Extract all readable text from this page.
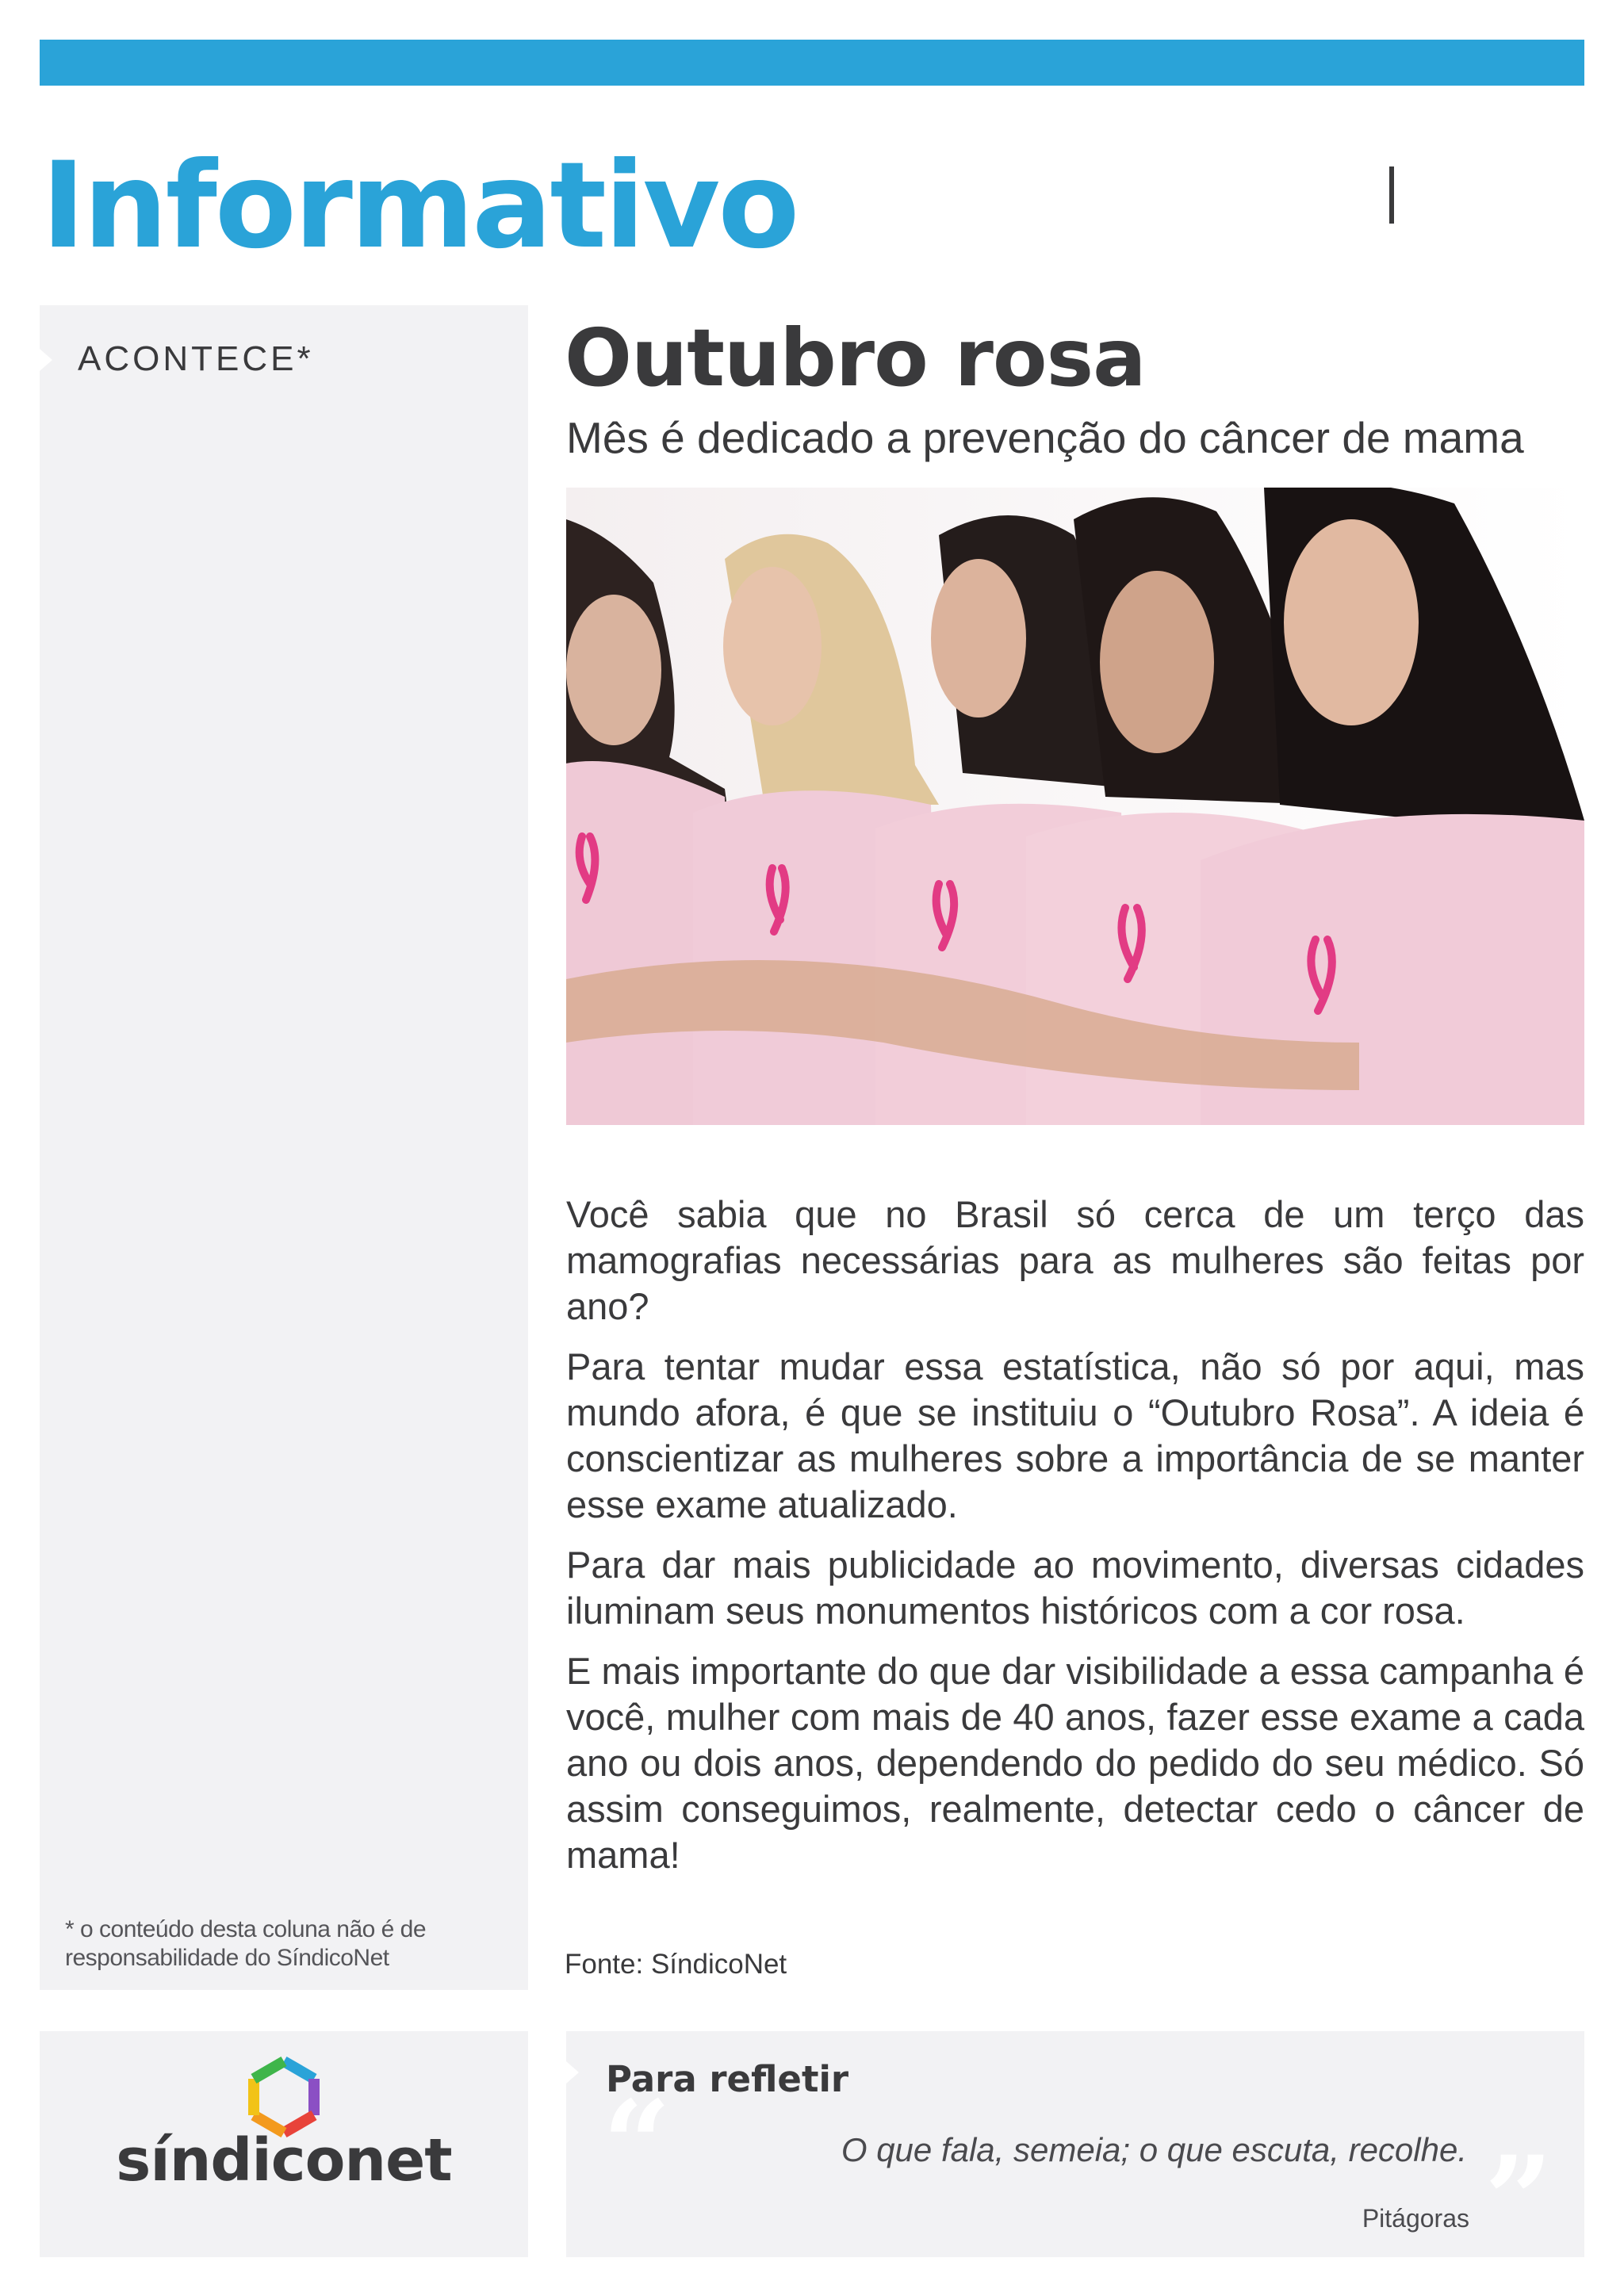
Informativo
ACONTECE*
* o conteúdo desta coluna não é de
responsabilidade do SíndicoNet
Outubro rosa
Mês é dedicado a prevenção do câncer de mama

Você sabia que no Brasil só cerca de um terço das mamografias necessárias para as mulheres são feitas por ano?

Para tentar mudar essa estatística, não só por aqui, mas mundo afora, é que se instituiu o “Outubro Rosa”. A ideia é conscientizar as mulheres sobre a importância de se manter esse exame atualizado.

Para dar mais publicidade ao movimento, diversas cidades iluminam seus monumentos históricos com a cor rosa.

E mais importante do que dar visibilidade a essa campanha é você, mulher com mais de 40 anos, fazer esse exame a cada ano ou dois anos, dependendo do pedido do seu médico. Só assim conseguimos, realmente, detectar cedo o câncer de mama!

Fonte: SíndicoNet
síndiconet
Para refletir
“	O que fala, semeia; o que escuta, recolhe. ”
Pitágoras
